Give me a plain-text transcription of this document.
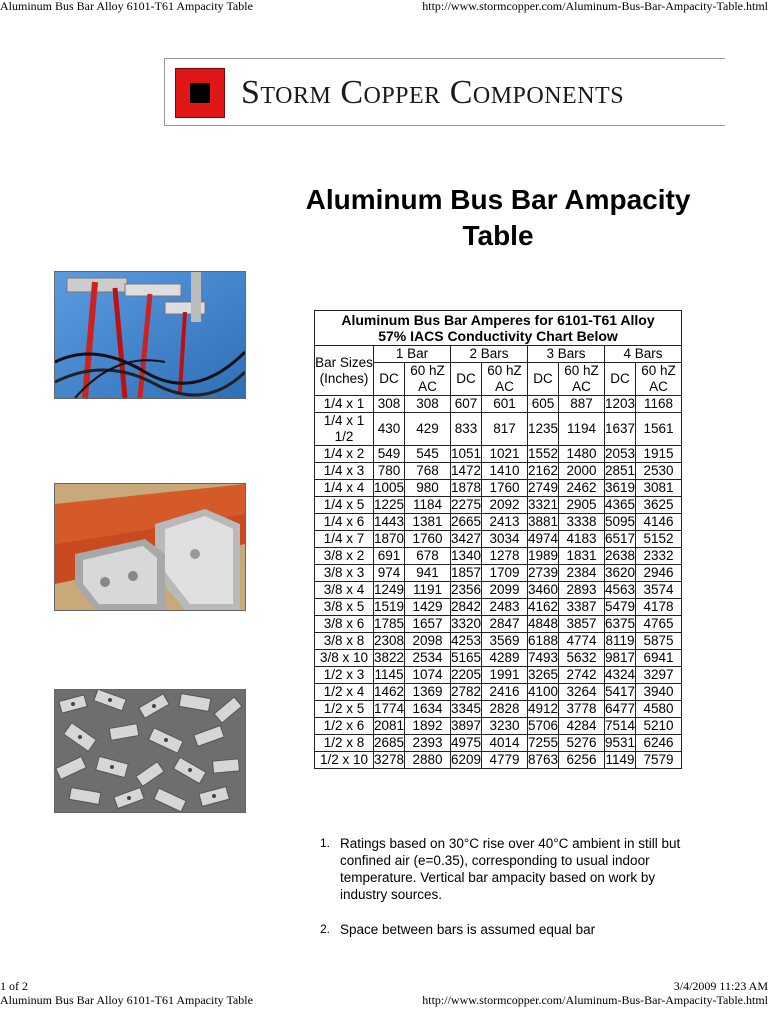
Aluminum Bus Bar Alloy 6101-T61 Ampacity Table	http://www.stormcopper.com/Aluminum-Bus-Bar-Ampacity-Table.html
Storm Copper Components
Aluminum Bus Bar Ampacity Table
Aluminum Bus Bar Amperes for 6101-T61 Alloy
57% IACS Conductivity Chart Below								

Bar Sizes (Inches)	1 Bar		2 Bars		3 Bars		4 Bars	
	DC	60 hZ AC	DC	60 hZ AC	DC	60 hZ AC	DC	60 hZ AC
1/4 x 1	308	308	607	601	605	887	1203	1168
1/4 x 1 1/2	430	429	833	817	1235	1194	1637	1561
1/4 x 2	549	545	1051	1021	1552	1480	2053	1915
1/4 x 3	780	768	1472	1410	2162	2000	2851	2530
1/4 x 4	1005	980	1878	1760	2749	2462	3619	3081
1/4 x 5	1225	1184	2275	2092	3321	2905	4365	3625
1/4 x 6	1443	1381	2665	2413	3881	3338	5095	4146
1/4 x 7	1870	1760	3427	3034	4974	4183	6517	5152
3/8 x 2	691	678	1340	1278	1989	1831	2638	2332
3/8 x 3	974	941	1857	1709	2739	2384	3620	2946
3/8 x 4	1249	1191	2356	2099	3460	2893	4563	3574
3/8 x 5	1519	1429	2842	2483	4162	3387	5479	4178
3/8 x 6	1785	1657	3320	2847	4848	3857	6375	4765
3/8 x 8	2308	2098	4253	3569	6188	4774	8119	5875
3/8 x 10	3822	2534	5165	4289	7493	5632	9817	6941
1/2 x 3	1145	1074	2205	1991	3265	2742	4324	3297
1/2 x 4	1462	1369	2782	2416	4100	3264	5417	3940
1/2 x 5	1774	1634	3345	2828	4912	3778	6477	4580
1/2 x 6	2081	1892	3897	3230	5706	4284	7514	5210
1/2 x 8	2685	2393	4975	4014	7255	5276	9531	6246
1/2 x 10	3278	2880	6209	4779	8763	6256	1149	7579
1. Ratings based on 30°C rise over 40°C ambient in still but confined air (e=0.35), corresponding to usual indoor temperature. Vertical bar ampacity based on work by industry sources.
2. Space between bars is assumed equal bar
1 of 2	3/4/2009 11:23 AM
Aluminum Bus Bar Alloy 6101-T61 Ampacity Table	http://www.stormcopper.com/Aluminum-Bus-Bar-Ampacity-Table.html
